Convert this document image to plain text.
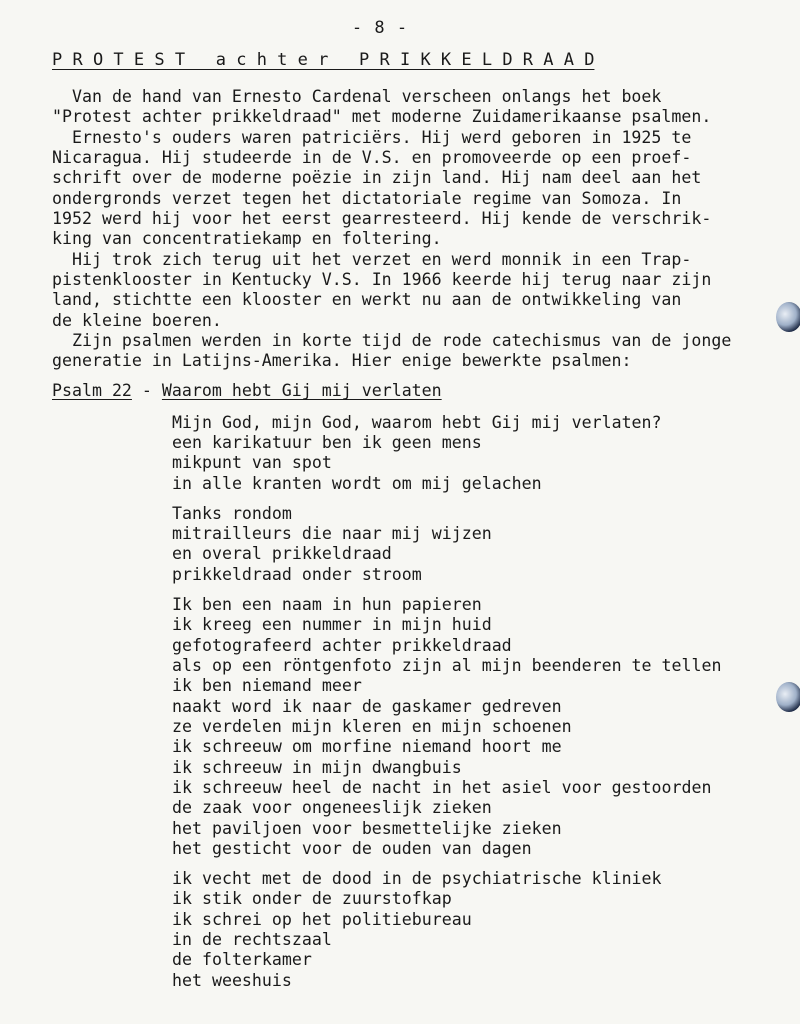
- 8 -
P R O T E S T   a c h t e r   P R I K K E L D R A A D
Van de hand van Ernesto Cardenal verscheen onlangs het boek
"Protest achter prikkeldraad" met moderne Zuidamerikaanse psalmen.
Ernesto's ouders waren patriciërs. Hij werd geboren in 1925 te
Nicaragua. Hij studeerde in de V.S. en promoveerde op een proef-
schrift over de moderne poëzie in zijn land. Hij nam deel aan het
ondergronds verzet tegen het dictatoriale regime van Somoza. In
1952 werd hij voor het eerst gearresteerd. Hij kende de verschrik-
king van concentratiekamp en foltering.
Hij trok zich terug uit het verzet en werd monnik in een Trap-
pistenklooster in Kentucky V.S. In 1966 keerde hij terug naar zijn
land, stichtte een klooster en werkt nu aan de ontwikkeling van
de kleine boeren.
Zijn psalmen werden in korte tijd de rode catechismus van de jonge
generatie in Latijns-Amerika. Hier enige bewerkte psalmen:
Psalm 22 - Waarom hebt Gij mij verlaten
Mijn God, mijn God, waarom hebt Gij mij verlaten?
een karikatuur ben ik geen mens
mikpunt van spot
in alle kranten wordt om mij gelachen
Tanks rondom
mitrailleurs die naar mij wijzen
en overal prikkeldraad
prikkeldraad onder stroom
Ik ben een naam in hun papieren
ik kreeg een nummer in mijn huid
gefotografeerd achter prikkeldraad
als op een röntgenfoto zijn al mijn beenderen te tellen
ik ben niemand meer
naakt word ik naar de gaskamer gedreven
ze verdelen mijn kleren en mijn schoenen
ik schreeuw om morfine niemand hoort me
ik schreeuw in mijn dwangbuis
ik schreeuw heel de nacht in het asiel voor gestoorden
de zaak voor ongeneeslijk zieken
het paviljoen voor besmettelijke zieken
het gesticht voor de ouden van dagen
ik vecht met de dood in de psychiatrische kliniek
ik stik onder de zuurstofkap
ik schrei op het politiebureau
in de rechtszaal
de folterkamer
het weeshuis
